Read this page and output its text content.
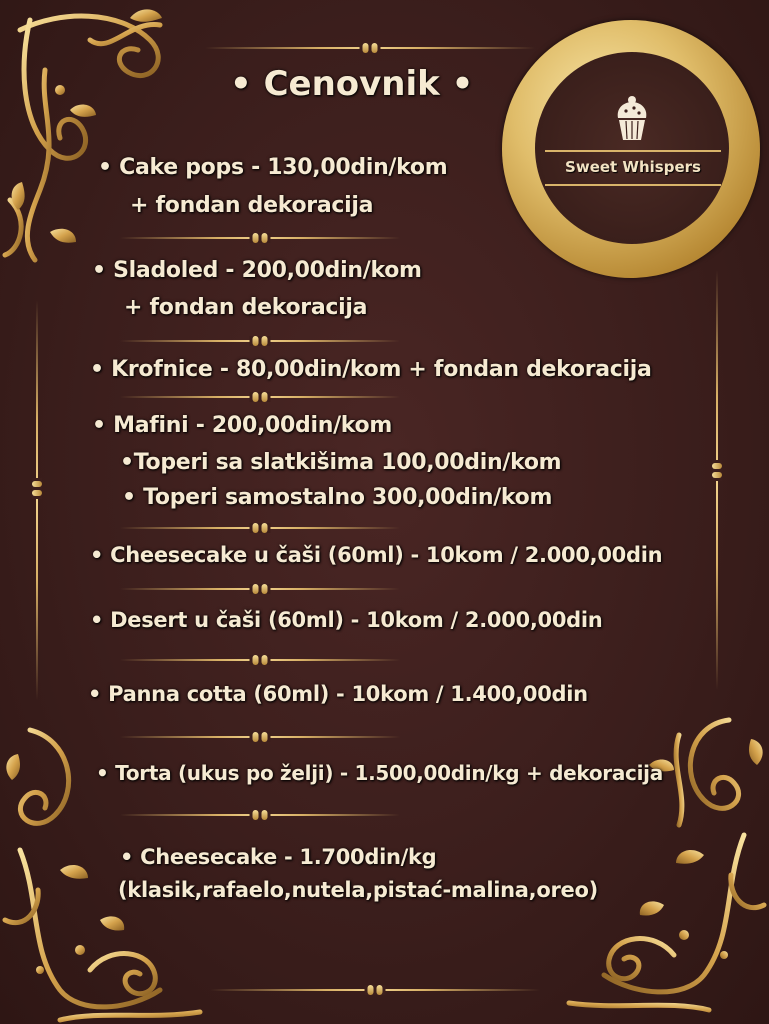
Sweet Whispers
• Cenovnik •
• Cake pops - 130,00din/kom
+ fondan dekoracija
• Sladoled - 200,00din/kom
+ fondan dekoracija
• Krofnice - 80,00din/kom + fondan dekoracija
• Mafini - 200,00din/kom
•Toperi sa slatkišima 100,00din/kom
• Toperi samostalno 300,00din/kom
• Cheesecake u čaši (60ml) - 10kom / 2.000,00din
• Desert u čaši (60ml) - 10kom / 2.000,00din
• Panna cotta (60ml) - 10kom / 1.400,00din
• Torta (ukus po želji) - 1.500,00din/kg + dekoracija
• Cheesecake - 1.700din/kg
(klasik,rafaelo,nutela,pistać-malina,oreo)
